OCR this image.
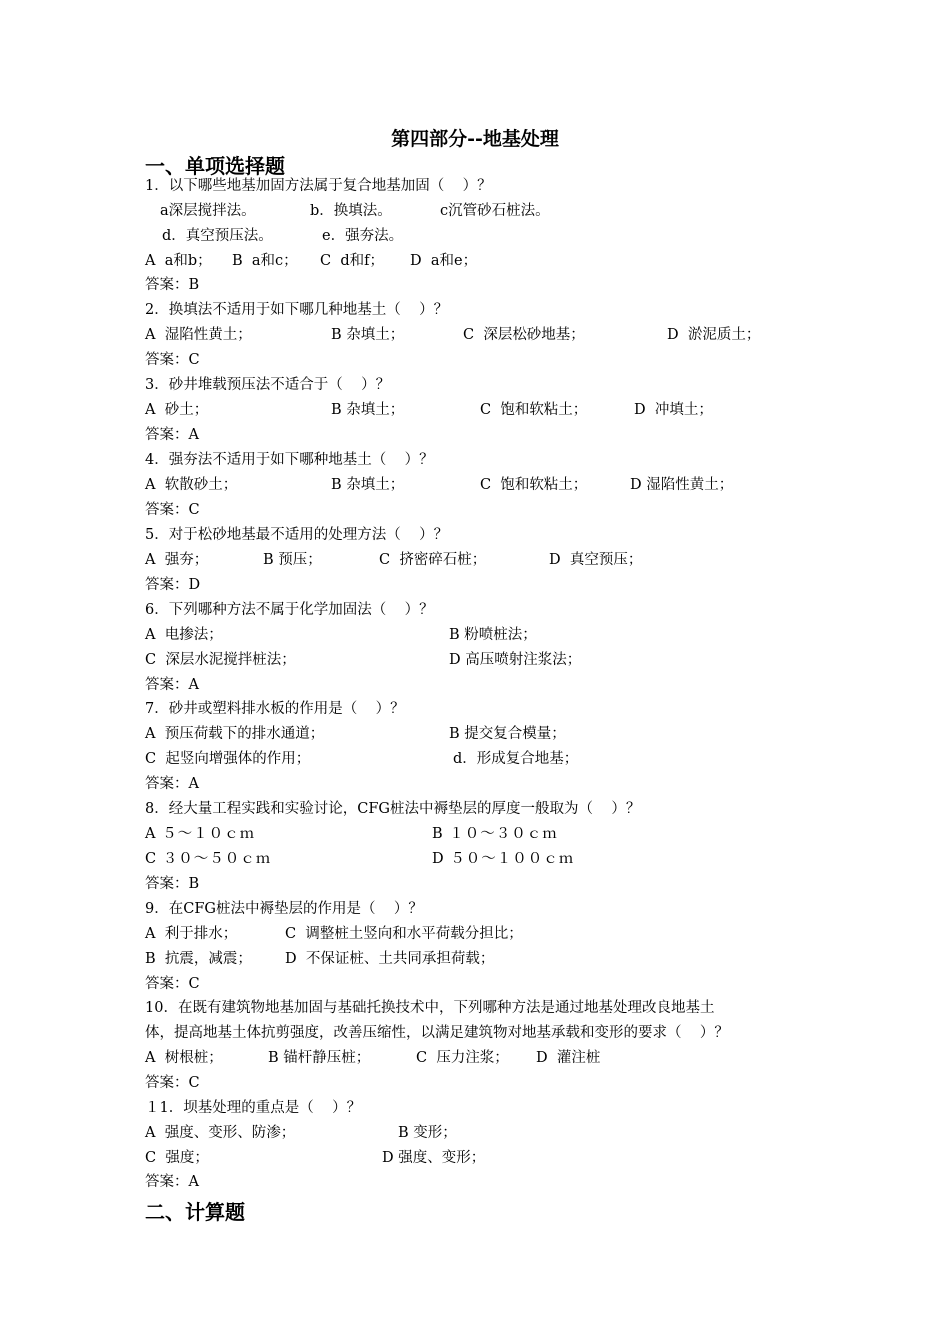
第四部分--地基处理
一、单项选择题
1．以下哪些地基加固方法属于复合地基加固（    ）？
a深层搅拌法。	b．换填法。	c沉管砂石桩法。
d．真空预压法。	e．强夯法。
A  a和b； B  a和c； C  d和f； D  a和e；
答案：B
2．换填法不适用于如下哪几种地基土（    ）？
A  湿陷性黄土；	B 杂填土；	C  深层松砂地基；	D  淤泥质土；
答案：C
3．砂井堆载预压法不适合于（    ）？
A  砂土；	B 杂填土；	C  饱和软粘土；	D  冲填土；
答案：A
4．强夯法不适用于如下哪种地基土（    ）？
A  软散砂土；	B 杂填土；	C  饱和软粘土；	D 湿陷性黄土；
答案：C
5．对于松砂地基最不适用的处理方法（    ）？
A  强夯；	B 预压；	C  挤密碎石桩；	D  真空预压；
答案：D
6．下列哪种方法不属于化学加固法（    ）？
A  电掺法；	B 粉喷桩法；
C  深层水泥搅拌桩法；	D 高压喷射注浆法；
答案：A
7．砂井或塑料排水板的作用是（    ）？
A  预压荷载下的排水通道；	B 提交复合模量；
C  起竖向增强体的作用；	d．形成复合地基；
答案：A
8．经大量工程实践和实验讨论，CFG桩法中褥垫层的厚度一般取为（    ）？
A ５～１０ｃｍ	B １０～３０ｃｍ
C ３０～５０ｃｍ	D ５０～１００ｃｍ
答案：B
9．在CFG桩法中褥垫层的作用是（    ）？
A  利于排水；	C  调整桩土竖向和水平荷载分担比；
B  抗震，减震； D  不保证桩、土共同承担荷载；
答案：C
10．在既有建筑物地基加固与基础托换技术中，下列哪种方法是通过地基处理改良地基土
体，提高地基土体抗剪强度，改善压缩性，以满足建筑物对地基承载和变形的要求（    ）？
A  树根桩；	B 锚杆静压桩；	C  压力注浆； D  灌注桩
答案：C
１1．坝基处理的重点是（    ）？
A  强度、变形、防渗；	B 变形；
C  强度；	D 强度、变形；
答案：A
二、计算题
